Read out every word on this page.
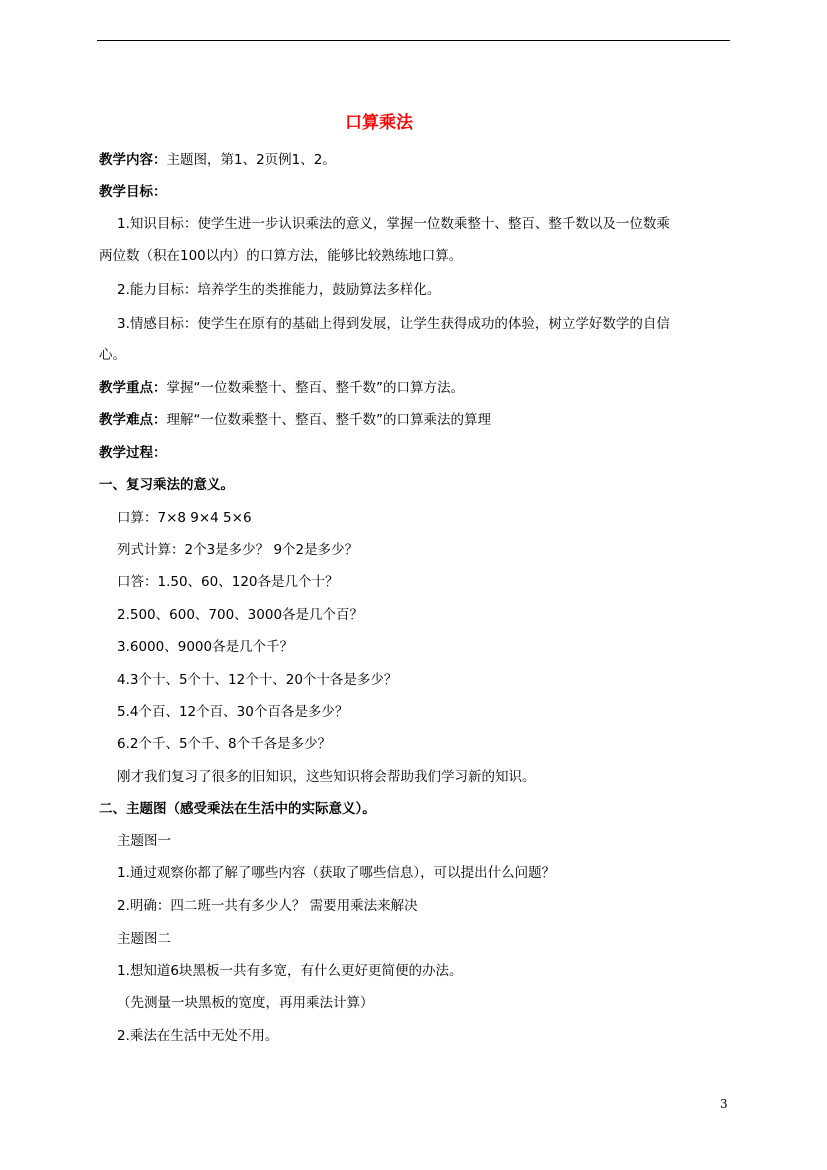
口算乘法
教学内容：主题图，第1、2页例1、2。
教学目标：
1.知识目标：使学生进一步认识乘法的意义，掌握一位数乘整十、整百、整千数以及一位数乘
两位数（积在100以内）的口算方法，能够比较熟练地口算。
2.能力目标：培养学生的类推能力，鼓励算法多样化。
3.情感目标：使学生在原有的基础上得到发展，让学生获得成功的体验，树立学好数学的自信
心。
教学重点：掌握“一位数乘整十、整百、整千数”的口算方法。
教学难点：理解“一位数乘整十、整百、整千数”的口算乘法的算理
教学过程：
一、复习乘法的意义。
口算：7×8 9×4 5×6
列式计算：2个3是多少？ 9个2是多少？
口答：1.50、60、120各是几个十？
2.500、600、700、3000各是几个百？
3.6000、9000各是几个千？
4.3个十、5个十、12个十、20个十各是多少？
5.4个百、12个百、30个百各是多少？
6.2个千、5个千、8个千各是多少？
刚才我们复习了很多的旧知识，这些知识将会帮助我们学习新的知识。
二、主题图（感受乘法在生活中的实际意义）。
主题图一
1.通过观察你都了解了哪些内容（获取了哪些信息），可以提出什么问题？
2.明确：四二班一共有多少人？ 需要用乘法来解决
主题图二
1.想知道6块黑板一共有多宽，有什么更好更简便的办法。
（先测量一块黑板的宽度，再用乘法计算）
2.乘法在生活中无处不用。
3
